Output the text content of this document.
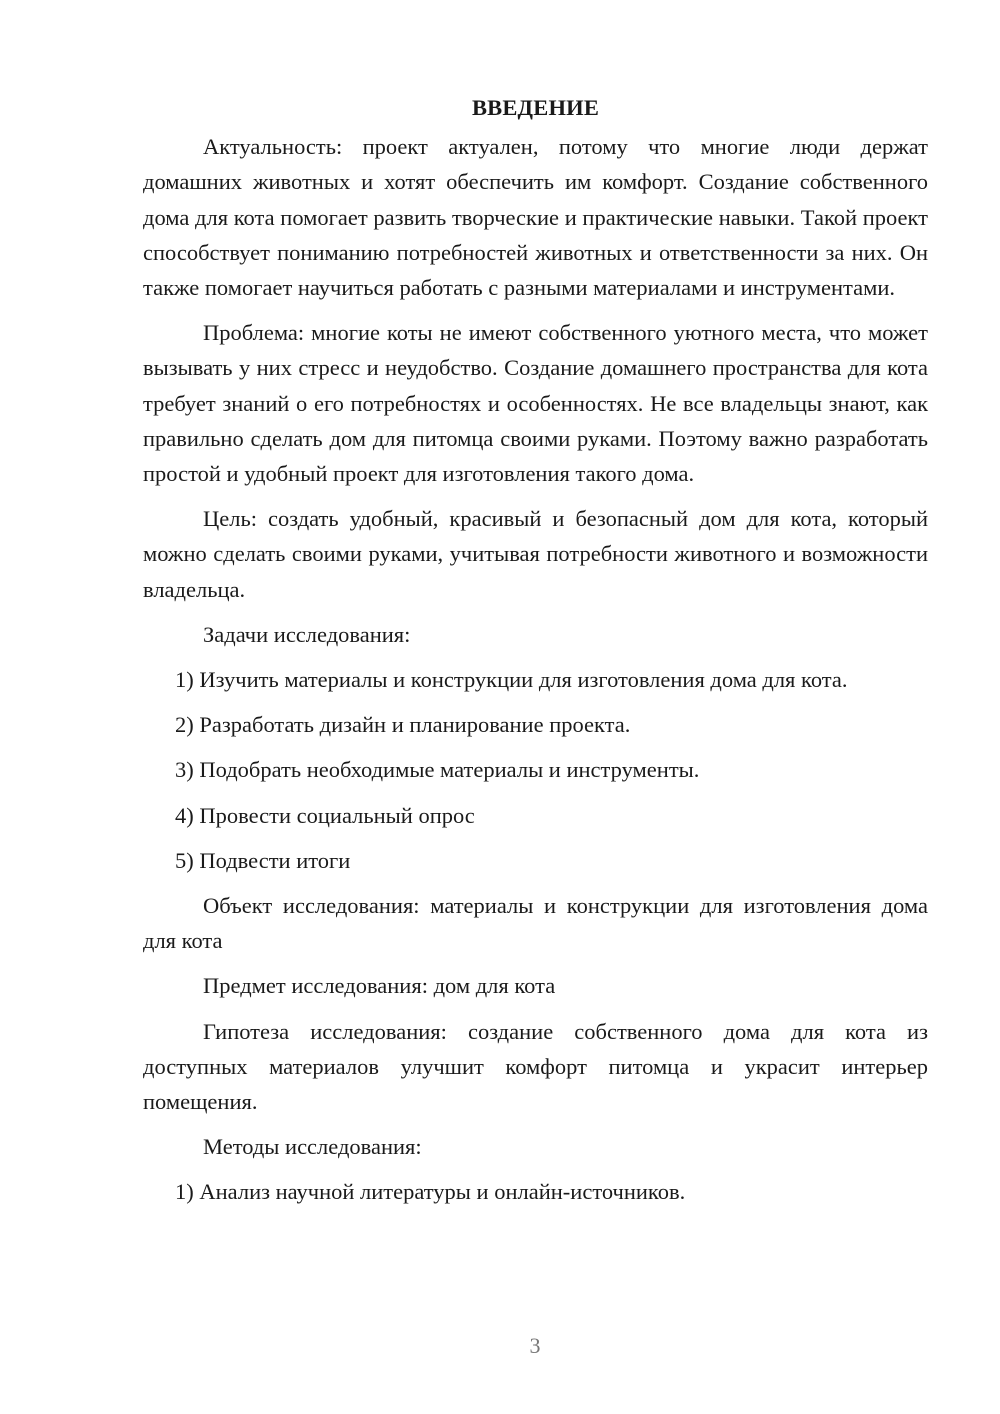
ВВЕДЕНИЕ

Актуальность: проект актуален, потому что многие люди держат домашних животных и хотят обеспечить им комфорт. Создание собственного дома для кота помогает развить творческие и практические навыки. Такой проект способствует пониманию потребностей животных и ответственности за них. Он также помогает научиться работать с разными материалами и инструментами.

Проблема: многие коты не имеют собственного уютного места, что может вызывать у них стресс и неудобство. Создание домашнего пространства для кота требует знаний о его потребностях и особенностях. Не все владельцы знают, как правильно сделать дом для питомца своими руками. Поэтому важно разработать простой и удобный проект для изготовления такого дома.

Цель: создать удобный, красивый и безопасный дом для кота, который можно сделать своими руками, учитывая потребности животного и возможности владельца.

Задачи исследования:

1) Изучить материалы и конструкции для изготовления дома для кота.
2) Разработать дизайн и планирование проекта.
3) Подобрать необходимые материалы и инструменты.
4) Провести социальный опрос
5) Подвести итоги

Объект исследования: материалы и конструкции для изготовления дома для кота

Предмет исследования: дом для кота

Гипотеза исследования: создание собственного дома для кота из доступных материалов улучшит комфорт питомца и украсит интерьер помещения.

Методы исследования:

1) Анализ научной литературы и онлайн-источников.
3
